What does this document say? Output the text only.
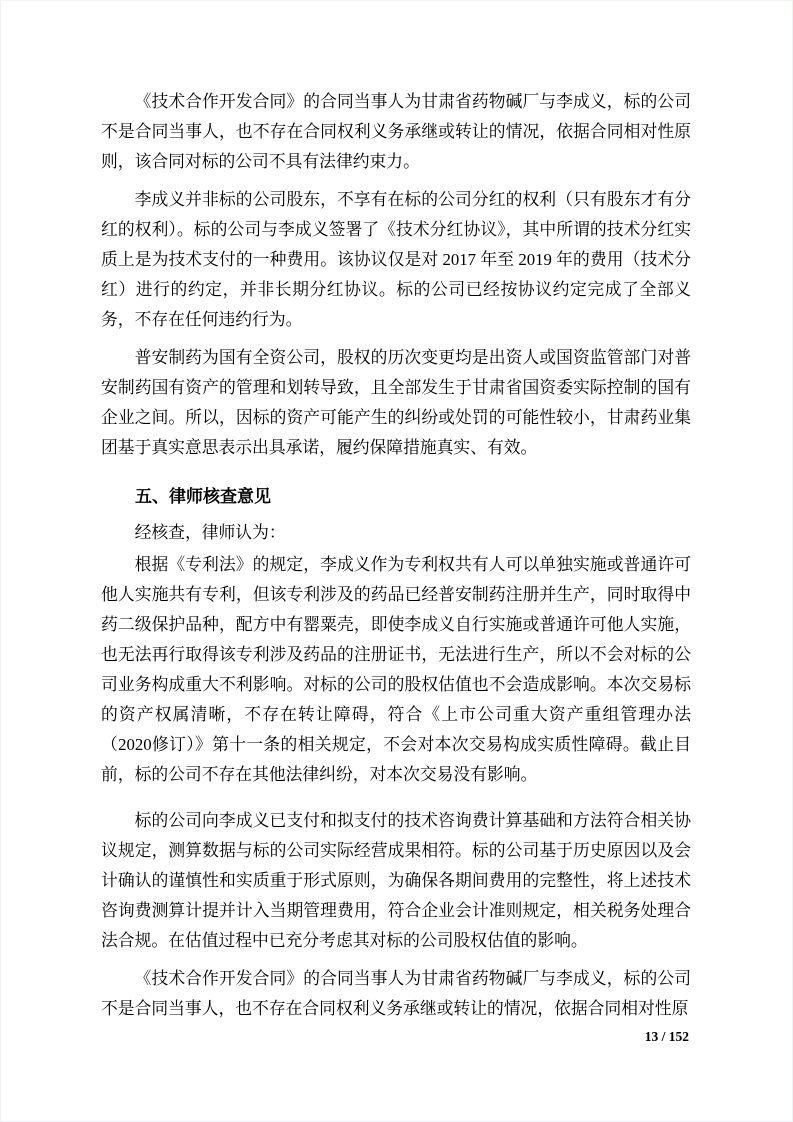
《技术合作开发合同》的合同当事人为甘肃省药物碱厂与李成义，标的公司不是合同当事人，也不存在合同权利义务承继或转让的情况，依据合同相对性原则，该合同对标的公司不具有法律约束力。

李成义并非标的公司股东，不享有在标的公司分红的权利（只有股东才有分红的权利）。标的公司与李成义签署了《技术分红协议》，其中所谓的技术分红实质上是为技术支付的一种费用。该协议仅是对 2017 年至 2019 年的费用（技术分红）进行的约定，并非长期分红协议。标的公司已经按协议约定完成了全部义务，不存在任何违约行为。

普安制药为国有全资公司，股权的历次变更均是出资人或国资监管部门对普安制药国有资产的管理和划转导致，且全部发生于甘肃省国资委实际控制的国有企业之间。所以，因标的资产可能产生的纠纷或处罚的可能性较小，甘肃药业集团基于真实意思表示出具承诺，履约保障措施真实、有效。

五、律师核查意见

经核查，律师认为：

根据《专利法》的规定，李成义作为专利权共有人可以单独实施或普通许可他人实施共有专利，但该专利涉及的药品已经普安制药注册并生产，同时取得中药二级保护品种，配方中有罂粟壳，即使李成义自行实施或普通许可他人实施，也无法再行取得该专利涉及药品的注册证书，无法进行生产，所以不会对标的公司业务构成重大不利影响。对标的公司的股权估值也不会造成影响。本次交易标的资产权属清晰，不存在转让障碍，符合《上市公司重大资产重组管理办法（2020修订）》第十一条的相关规定，不会对本次交易构成实质性障碍。截止目前，标的公司不存在其他法律纠纷，对本次交易没有影响。

标的公司向李成义已支付和拟支付的技术咨询费计算基础和方法符合相关协议规定，测算数据与标的公司实际经营成果相符。标的公司基于历史原因以及会计确认的谨慎性和实质重于形式原则，为确保各期间费用的完整性，将上述技术咨询费测算计提并计入当期管理费用，符合企业会计准则规定，相关税务处理合法合规。在估值过程中已充分考虑其对标的公司股权估值的影响。

《技术合作开发合同》的合同当事人为甘肃省药物碱厂与李成义，标的公司不是合同当事人，也不存在合同权利义务承继或转让的情况，依据合同相对性原

13 / 152
